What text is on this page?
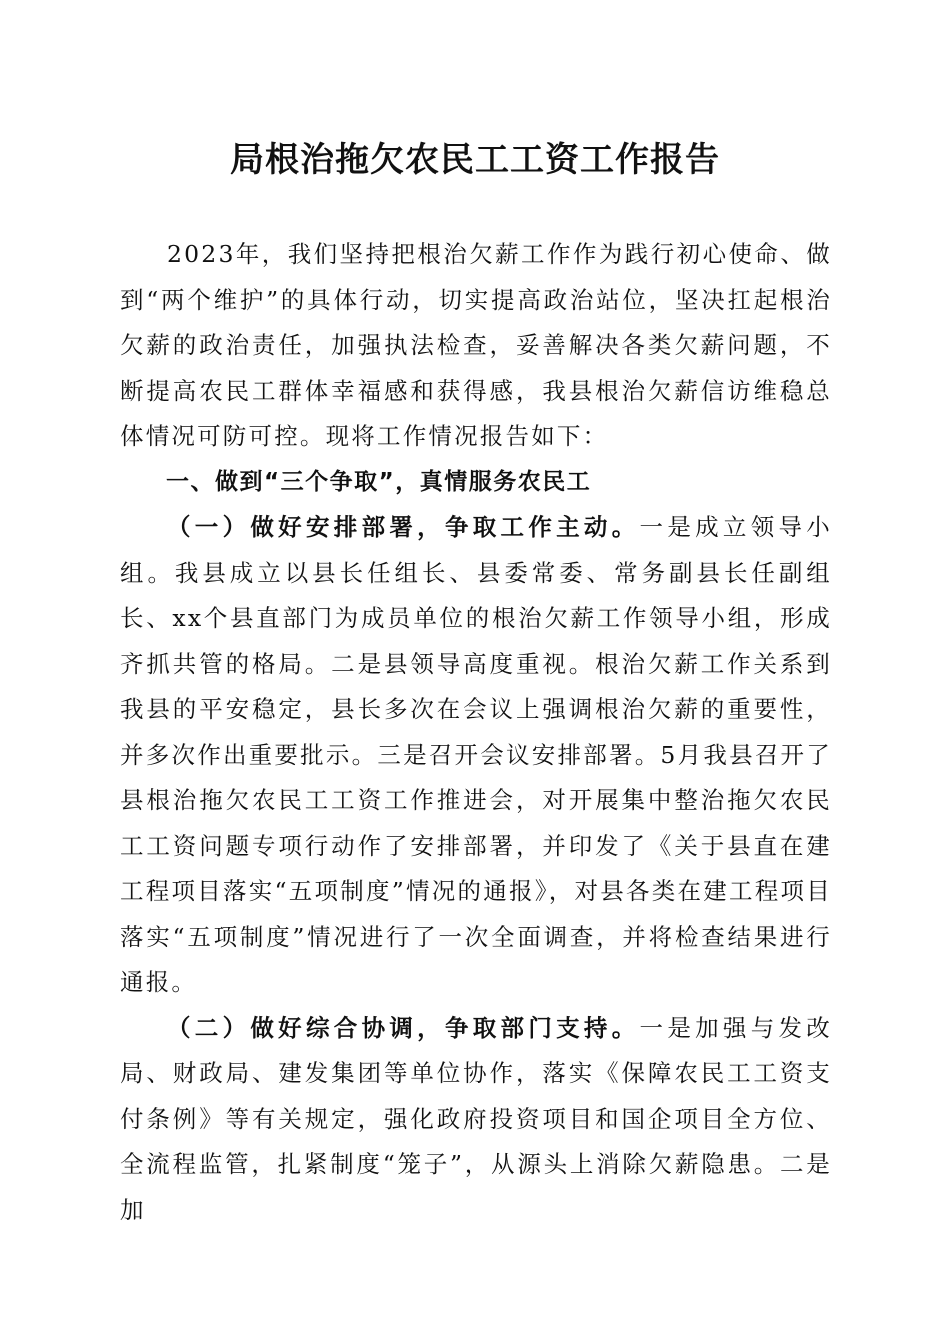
局根治拖欠农民工工资工作报告

2023年，我们坚持把根治欠薪工作作为践行初心使命、做到“两个维护”的具体行动，切实提高政治站位，坚决扛起根治欠薪的政治责任，加强执法检查，妥善解决各类欠薪问题，不断提高农民工群体幸福感和获得感，我县根治欠薪信访维稳总体情况可防可控。现将工作情况报告如下：

一、做到“三个争取”，真情服务农民工

（一）做好安排部署，争取工作主动。一是成立领导小组。我县成立以县长任组长、县委常委、常务副县长任副组长、xx个县直部门为成员单位的根治欠薪工作领导小组，形成齐抓共管的格局。二是县领导高度重视。根治欠薪工作关系到我县的平安稳定，县长多次在会议上强调根治欠薪的重要性，并多次作出重要批示。三是召开会议安排部署。5月我县召开了县根治拖欠农民工工资工作推进会，对开展集中整治拖欠农民工工资问题专项行动作了安排部署，并印发了《关于县直在建工程项目落实“五项制度”情况的通报》，对县各类在建工程项目落实“五项制度”情况进行了一次全面调查，并将检查结果进行通报。

（二）做好综合协调，争取部门支持。一是加强与发改局、财政局、建发集团等单位协作，落实《保障农民工工资支付条例》等有关规定，强化政府投资项目和国企项目全方位、全流程监管，扎紧制度“笼子”，从源头上消除欠薪隐患。二是加
